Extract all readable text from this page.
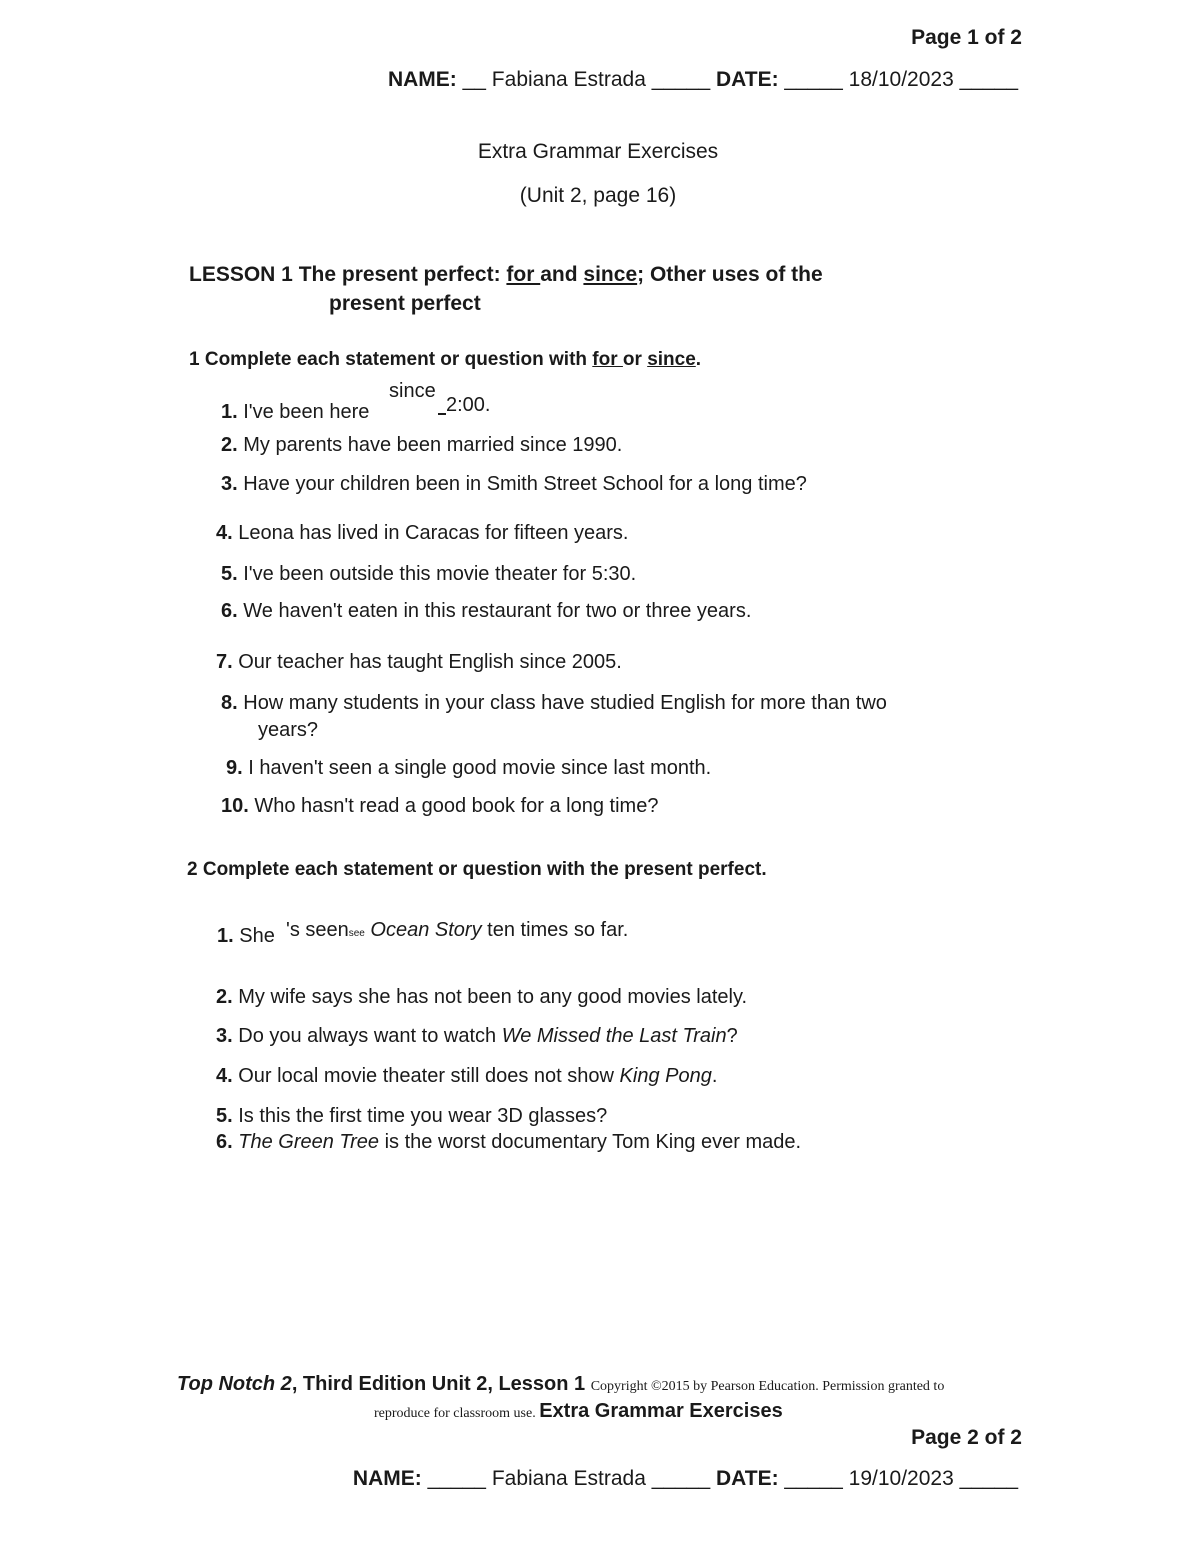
Page 1 of 2
NAME: __ Fabiana Estrada _____ DATE: _____ 18/10/2023 _____
Extra Grammar Exercises
(Unit 2, page 16)
LESSON 1 The present perfect: for and since; Other uses of the
present perfect
1 Complete each statement or question with for or since.
1. I've been here
since
2:00.
2. My parents have been married since 1990.
3. Have your children been in Smith Street School for a long time?
4. Leona has lived in Caracas for fifteen years.
5. I've been outside this movie theater for 5:30.
6. We haven't eaten in this restaurant for two or three years.
7. Our teacher has taught English since 2005.
8. How many students in your class have studied English for more than two
years?
9. I haven't seen a single good movie since last month.
10. Who hasn't read a good book for a long time?
2 Complete each statement or question with the present perfect.
1. She 's seensee Ocean Story ten times so far.
2. My wife says she has not been to any good movies lately.
3. Do you always want to watch We Missed the Last Train?
4. Our local movie theater still does not show King Pong.
5. Is this the first time you wear 3D glasses?
6. The Green Tree is the worst documentary Tom King ever made.
Top Notch 2, Third Edition Unit 2, Lesson 1 Copyright ©2015 by Pearson Education. Permission granted to
reproduce for classroom use. Extra Grammar Exercises
Page 2 of 2
NAME: _____ Fabiana Estrada _____ DATE: _____ 19/10/2023 _____
